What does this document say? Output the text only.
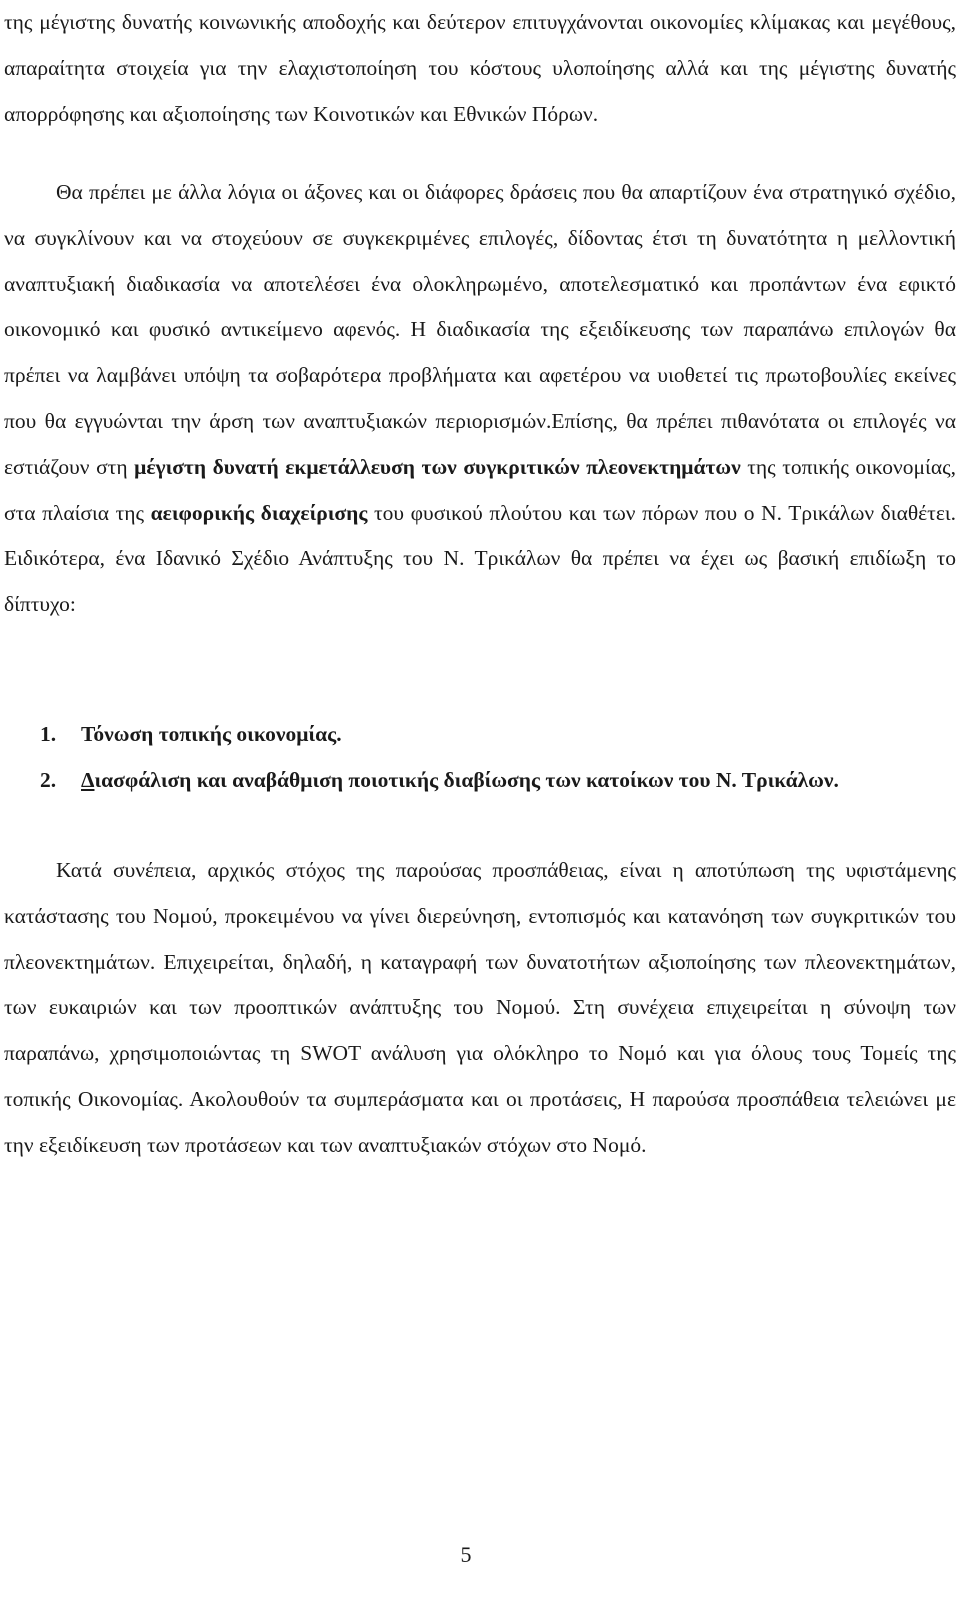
της μέγιστης δυνατής κοινωνικής αποδοχής και δεύτερον επιτυγχάνονται οικονομίες κλίμακας και μεγέθους, απαραίτητα στοιχεία για την ελαχιστοποίηση του κόστους υλοποίησης αλλά και της μέγιστης δυνατής απορρόφησης και αξιοποίησης των Κοινοτικών και Εθνικών Πόρων.

Θα πρέπει με άλλα λόγια οι άξονες και οι διάφορες δράσεις που θα απαρτίζουν ένα στρατηγικό σχέδιο, να συγκλίνουν και να στοχεύουν σε συγκεκριμένες επιλογές, δίδοντας έτσι τη δυνατότητα η μελλοντική αναπτυξιακή διαδικασία να αποτελέσει ένα ολοκληρωμένο, αποτελεσματικό και προπάντων ένα εφικτό οικονομικό και φυσικό αντικείμενο αφενός. Η διαδικασία της εξειδίκευσης των παραπάνω επιλογών θα πρέπει να λαμβάνει υπόψη τα σοβαρότερα προβλήματα και αφετέρου να υιοθετεί τις πρωτοβουλίες εκείνες που θα εγγυώνται την άρση των αναπτυξιακών περιορισμών.Επίσης, θα πρέπει πιθανότατα οι επιλογές να εστιάζουν στη μέγιστη δυνατή εκμετάλλευση των συγκριτικών πλεονεκτημάτων της τοπικής οικονομίας, στα πλαίσια της αειφορικής διαχείρισης του φυσικού πλούτου και των πόρων που ο Ν. Τρικάλων διαθέτει. Ειδικότερα, ένα Ιδανικό Σχέδιο Ανάπτυξης του Ν. Τρικάλων θα πρέπει να έχει ως βασική επιδίωξη το δίπτυχο:

1. Τόνωση τοπικής οικονομίας.
2. Διασφάλιση και αναβάθμιση ποιοτικής διαβίωσης των κατοίκων του Ν. Τρικάλων.

Κατά συνέπεια, αρχικός στόχος της παρούσας προσπάθειας, είναι η αποτύπωση της υφιστάμενης κατάστασης του Νομού, προκειμένου να γίνει διερεύνηση, εντοπισμός και κατανόηση των συγκριτικών του πλεονεκτημάτων. Επιχειρείται, δηλαδή, η καταγραφή των δυνατοτήτων αξιοποίησης των πλεονεκτημάτων, των ευκαιριών και των προοπτικών ανάπτυξης του Νομού. Στη συνέχεια επιχειρείται η σύνοψη των παραπάνω, χρησιμοποιώντας τη SWOT ανάλυση για ολόκληρο το Νομό και για όλους τους Τομείς της τοπικής Οικονομίας. Ακολουθούν τα συμπεράσματα και οι προτάσεις, Η παρούσα προσπάθεια τελειώνει με την εξειδίκευση των προτάσεων και των αναπτυξιακών στόχων στο Νομό.

5
